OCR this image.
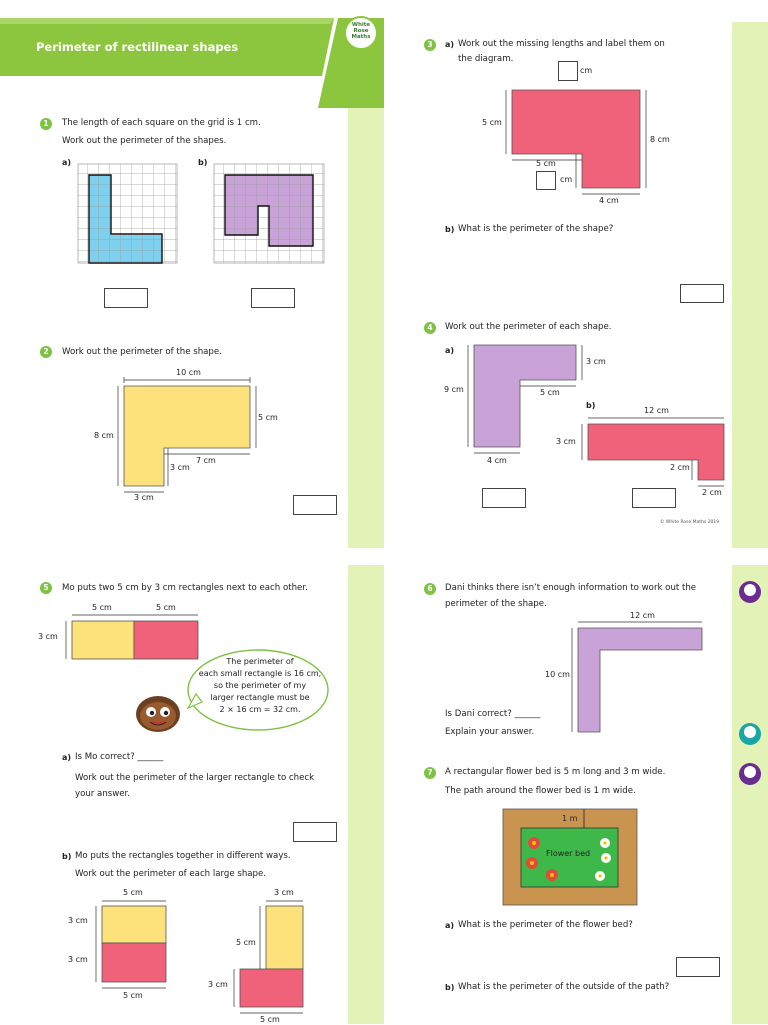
Perimeter of rectilinear shapes
White
Rose
Maths
1	The length of each square on the grid is 1 cm.
Work out the perimeter of the shapes.
a)	b)
2	Work out the perimeter of the shape.
10 cm
5 cm
8 cm
3 cm
7 cm
3 cm
3	a) Work out the missing lengths and label them on
the diagram.
cm
5 cm
8 cm
5 cm
cm
4 cm
b) What is the perimeter of the shape?
4	Work out the perimeter of each shape.
a)
3 cm
9 cm	5 cm
4 cm
b)
12 cm
3 cm
2 cm
2 cm
© White Rose Maths 2019
5	Mo puts two 5 cm by 3 cm rectangles next to each other.
5 cm	5 cm
3 cm
The perimeter of
each small rectangle is 16 cm,
so the perimeter of my
larger rectangle must be
2 × 16 cm = 32 cm.
a) Is Mo correct? ______
Work out the perimeter of the larger rectangle to check
your answer.
b) Mo puts the rectangles together in different ways.
Work out the perimeter of each large shape.
5 cm
3 cm
3 cm
5 cm
3 cm
5 cm
3 cm
5 cm
6	Dani thinks there isn’t enough information to work out the
perimeter of the shape.
12 cm
10 cm
Is Dani correct? ______
Explain your answer.
7	A rectangular flower bed is 5 m long and 3 m wide.
The path around the flower bed is 1 m wide.
1 m
Flower bed
a) What is the perimeter of the flower bed?
b) What is the perimeter of the outside of the path?
